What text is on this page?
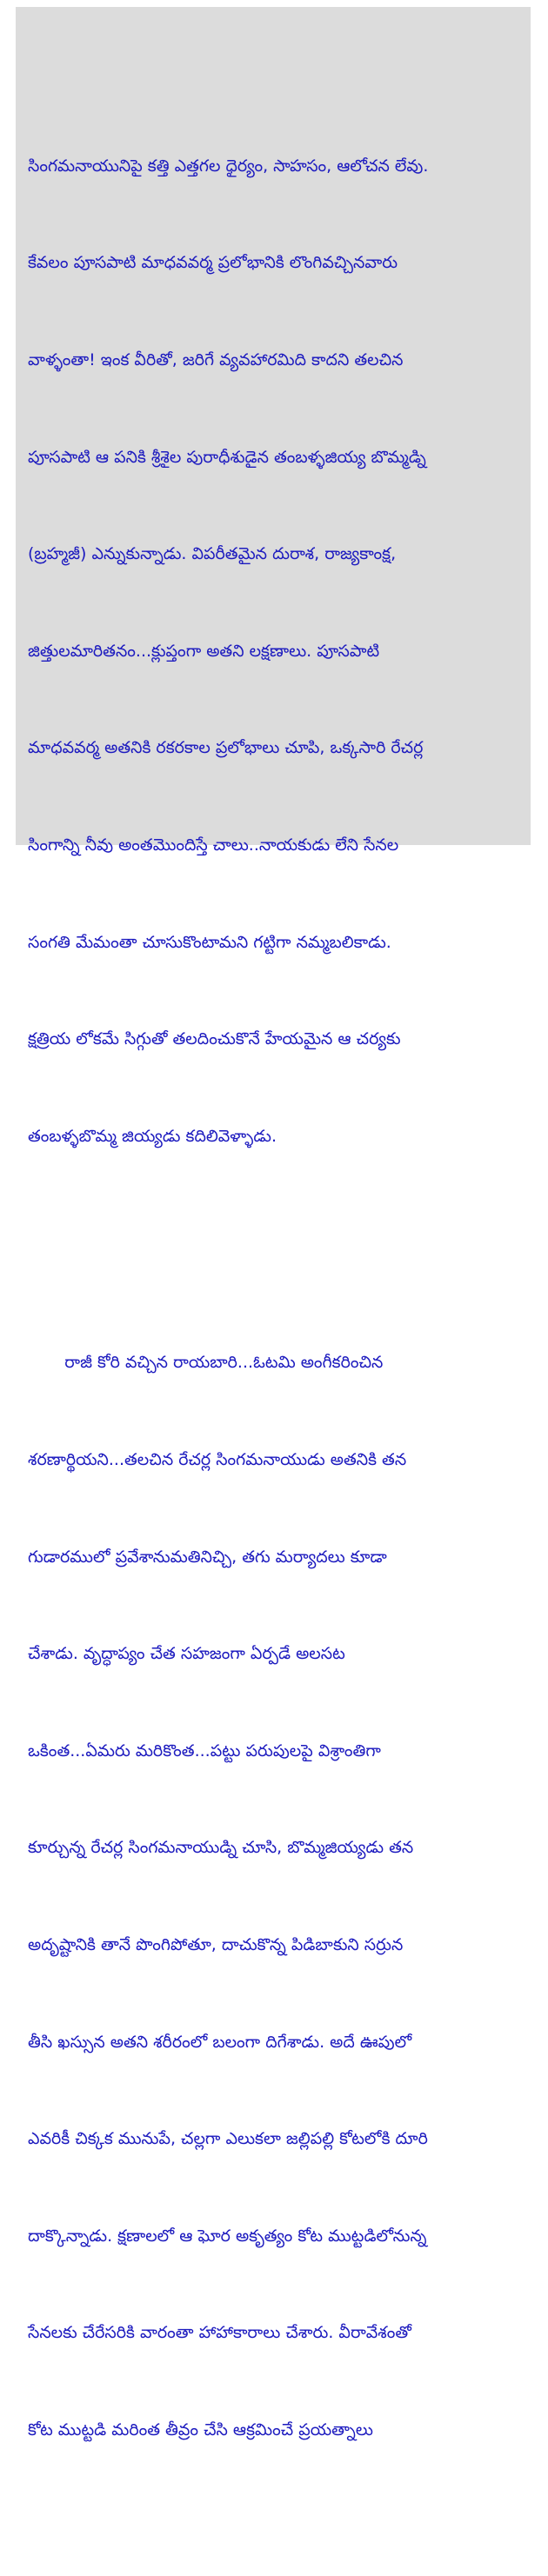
సింగమనాయునిపై కత్తి ఎత్తగల ధైర్యం, సాహసం, ఆలోచన లేవు.

కేవలం పూసపాటి మాధవవర్మ ప్రలోభానికి లొంగివచ్చినవారు

వాళ్ళంతా! ఇంక వీరితో, జరిగే వ్యవహారమిది కాదని తలచిన

పూసపాటి ఆ పనికి శ్రీశైల పురాధీశుడైన తంబళ్ళజియ్య బొమ్మడ్ని

(బ్రహ్మజీ) ఎన్నుకున్నాడు. విపరీతమైన దురాశ, రాజ్యకాంక్ష,

జిత్తులమారితనం...క్లుప్తంగా అతని లక్షణాలు. పూసపాటి

మాధవవర్మ అతనికి రకరకాల ప్రలోభాలు చూపి, ఒక్కసారి రేచర్ల

సింగాన్ని నీవు అంతమొందిస్తే చాలు..నాయకుడు లేని సేనల

సంగతి మేమంతా చూసుకొంటామని గట్టిగా నమ్మబలికాడు.

క్షత్రియ లోకమే సిగ్గుతో తలదించుకొనే హేయమైన ఆ చర్యకు

తంబళ్ళబొమ్మ జియ్యడు కదిలివెళ్ళాడు.

రాజీ కోరి వచ్చిన రాయబారి...ఓటమి అంగీకరించిన

శరణార్థియని...తలచిన రేచర్ల సింగమనాయుడు అతనికి తన

గుడారములో ప్రవేశానుమతినిచ్చి, తగు మర్యాదలు కూడా

చేశాడు. వృద్ధాప్యం చేత సహజంగా ఏర్పడే అలసట

ఒకింత...ఏమరు మరికొంత...పట్టు పరుపులపై విశ్రాంతిగా

కూర్చున్న రేచర్ల సింగమనాయుడ్ని చూసి, బొమ్మజియ్యడు తన

అదృష్టానికి తానే పొంగిపోతూ, దాచుకొన్న పిడిబాకుని సర్రున

తీసి ఖస్సున అతని శరీరంలో బలంగా దిగేశాడు. అదే ఊపులో

ఎవరికీ చిక్కక మునుపే, చల్లగా ఎలుకలా జల్లిపల్లి కోటలోకి దూరి

దాక్కొన్నాడు. క్షణాలలో ఆ ఘోర అకృత్యం కోట ముట్టడిలోనున్న

సేనలకు చేరేసరికి వారంతా హాహాకారాలు చేశారు. వీరావేశంతో

కోట ముట్టడి మరింత తీవ్రం చేసి ఆక్రమించే ప్రయత్నాలు
